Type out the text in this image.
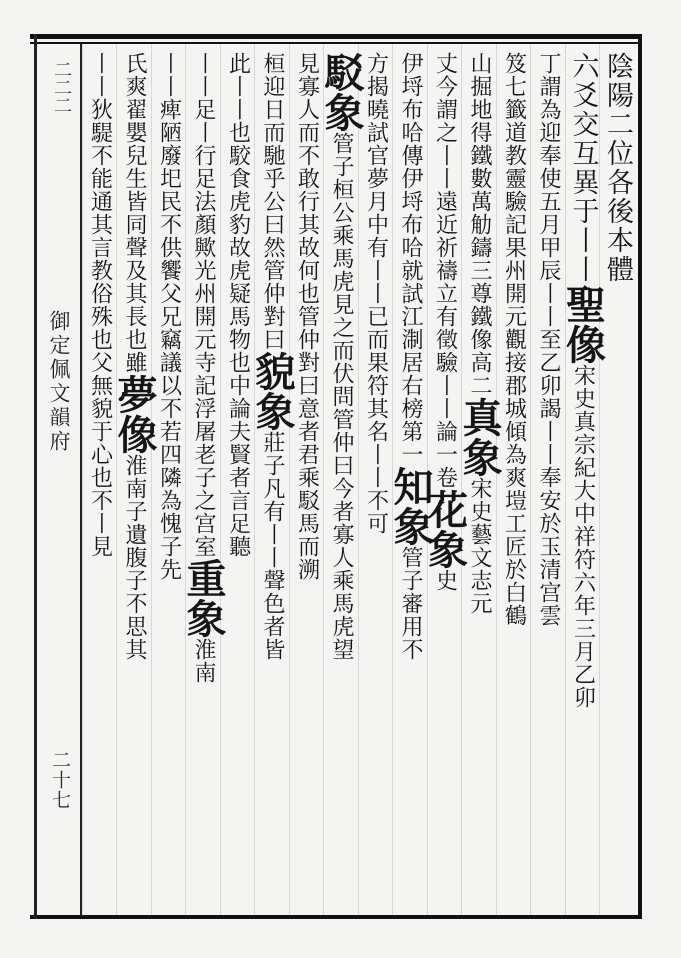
二二二
御定佩文韻府
二十七
陰陽二位各後本體
六爻交互異于丨丨聖像宋史真宗紀大中祥符六年三月乙卯
丁謂為迎奉使五月甲辰丨丨至乙卯謁丨丨奉安於玉清宫雲
笈七籤道教靈驗記果州開元觀接郡城傾為爽塏工匠於白鶴
山掘地得鐵數萬觔鑄三尊鐵像高二真象宋史藝文志元
丈今謂之丨丨遠近祈禱立有徵驗丨丨論一卷花象史
伊埒布哈傳伊埒布哈就試江淛居右榜第一知象管子審用不
方揭曉試官夢月中有丨丨已而果符其名丨丨不可
駁象管子桓公乘馬虎見之而伏問管仲曰今者寡人乘馬虎望
見寡人而不敢行其故何也管仲對曰意者君乘駁馬而溯
桓迎日而馳乎公曰然管仲對曰貌象莊子凡有丨丨聲色者皆
此丨丨也駮食虎豹故虎疑馬物也中論夫賢者言足聽
丨丨足丨行足法顏歟光州開元寺記浮屠老子之宫室重象淮南
丨丨痺陋廢圯民不供饗父兄竊議以不若四隣為愧子先
氏爽翟嬰兒生皆同聲及其長也雖夢像淮南子遺腹子不思其
丨丨狄騠不能通其言教俗殊也父無貌于心也不丨見
